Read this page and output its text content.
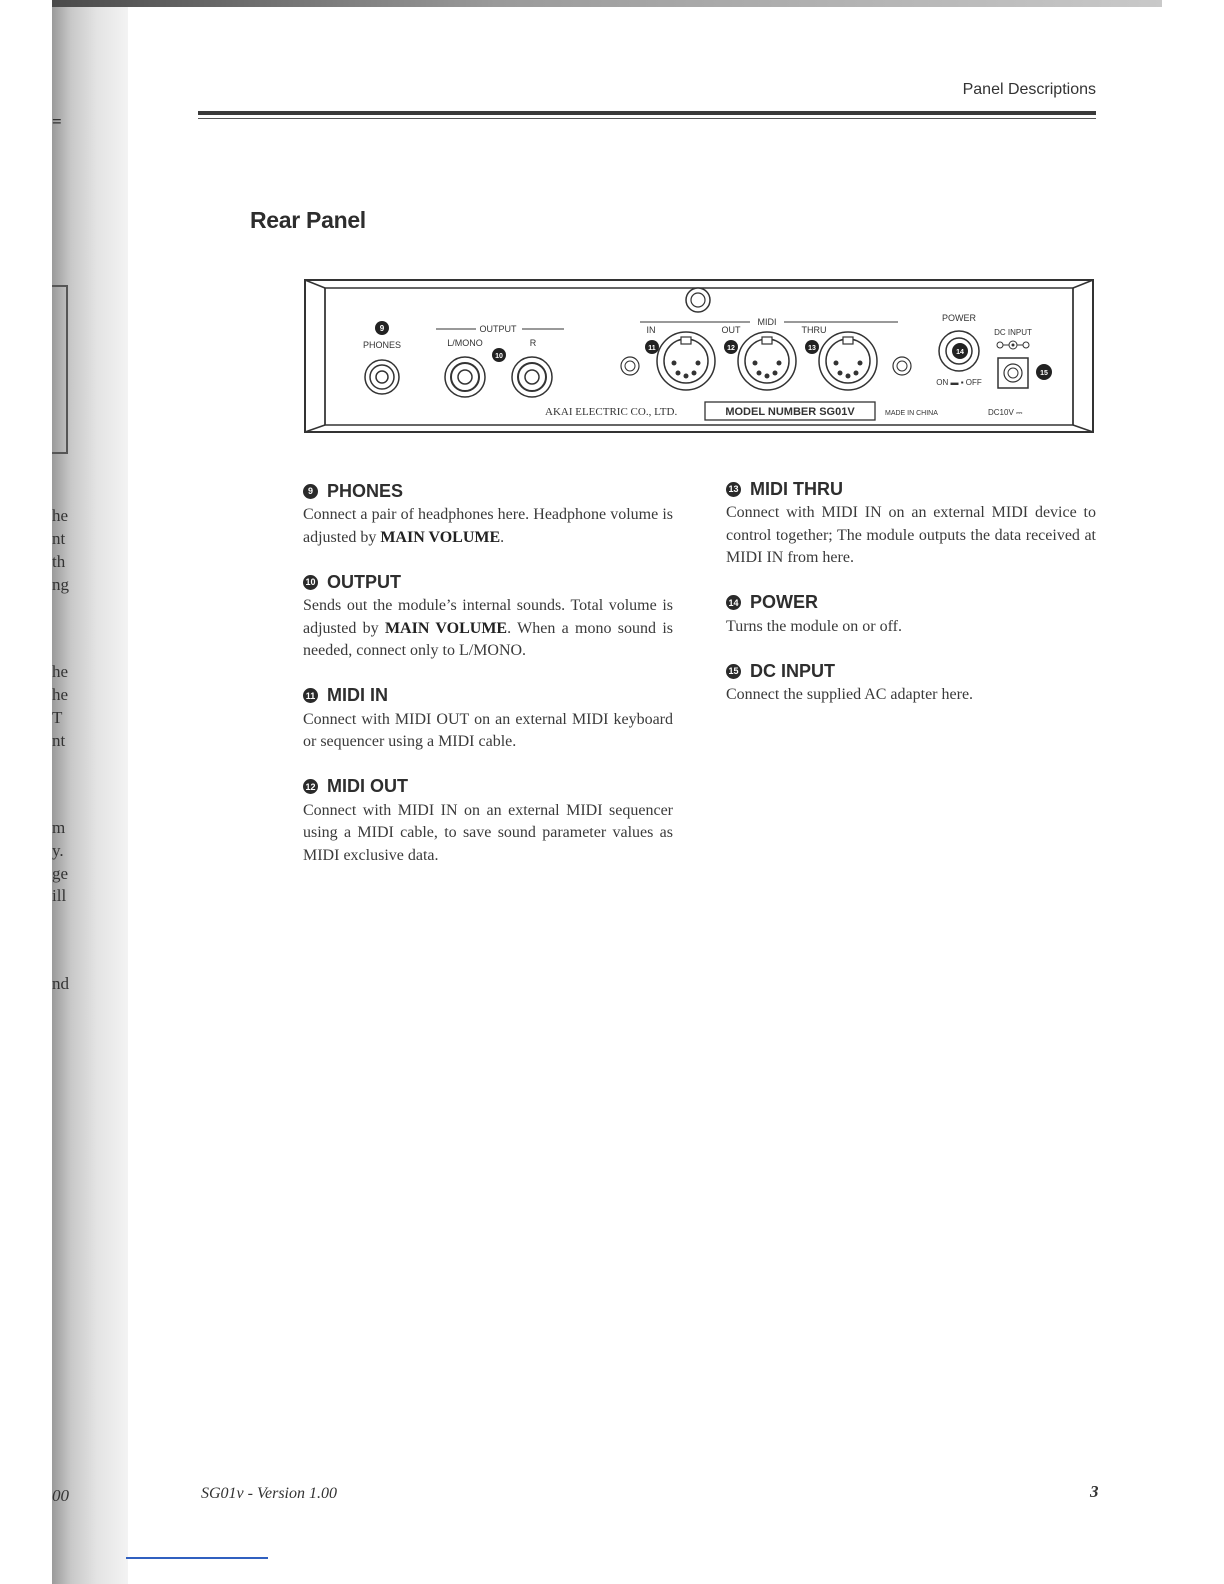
=
he
nt
th
ng
he
he
T
nt
m
y.
ge
ill
nd
00
Panel Descriptions
Rear Panel
9
PHONES
OUTPUT
L/MONO	R
10
MIDI
IN	OUT	THRU
11	12	13
POWER
14
ON ▬ ▪ OFF
DC INPUT
15
AKAI ELECTRIC CO., LTD.	MODEL NUMBER SG01V	MADE IN CHINA	DC10V ⎓
9 PHONES
Connect a pair of headphones here. Headphone volume is adjusted by MAIN VOLUME.
10 OUTPUT
Sends out the module’s internal sounds. Total volume is adjusted by MAIN VOLUME. When a mono sound is needed, connect only to L/MONO.
11 MIDI IN
Connect with MIDI OUT on an external MIDI keyboard or sequencer using a MIDI cable.
12 MIDI OUT
Connect with MIDI IN on an external MIDI sequencer using a MIDI cable, to save sound parameter values as MIDI exclusive data.
13 MIDI THRU
Connect with MIDI IN on an external MIDI device to control together; The module outputs the data received at MIDI IN from here.
14 POWER
Turns the module on or off.
15 DC INPUT
Connect the supplied AC adapter here.
SG01v - Version 1.00	3
